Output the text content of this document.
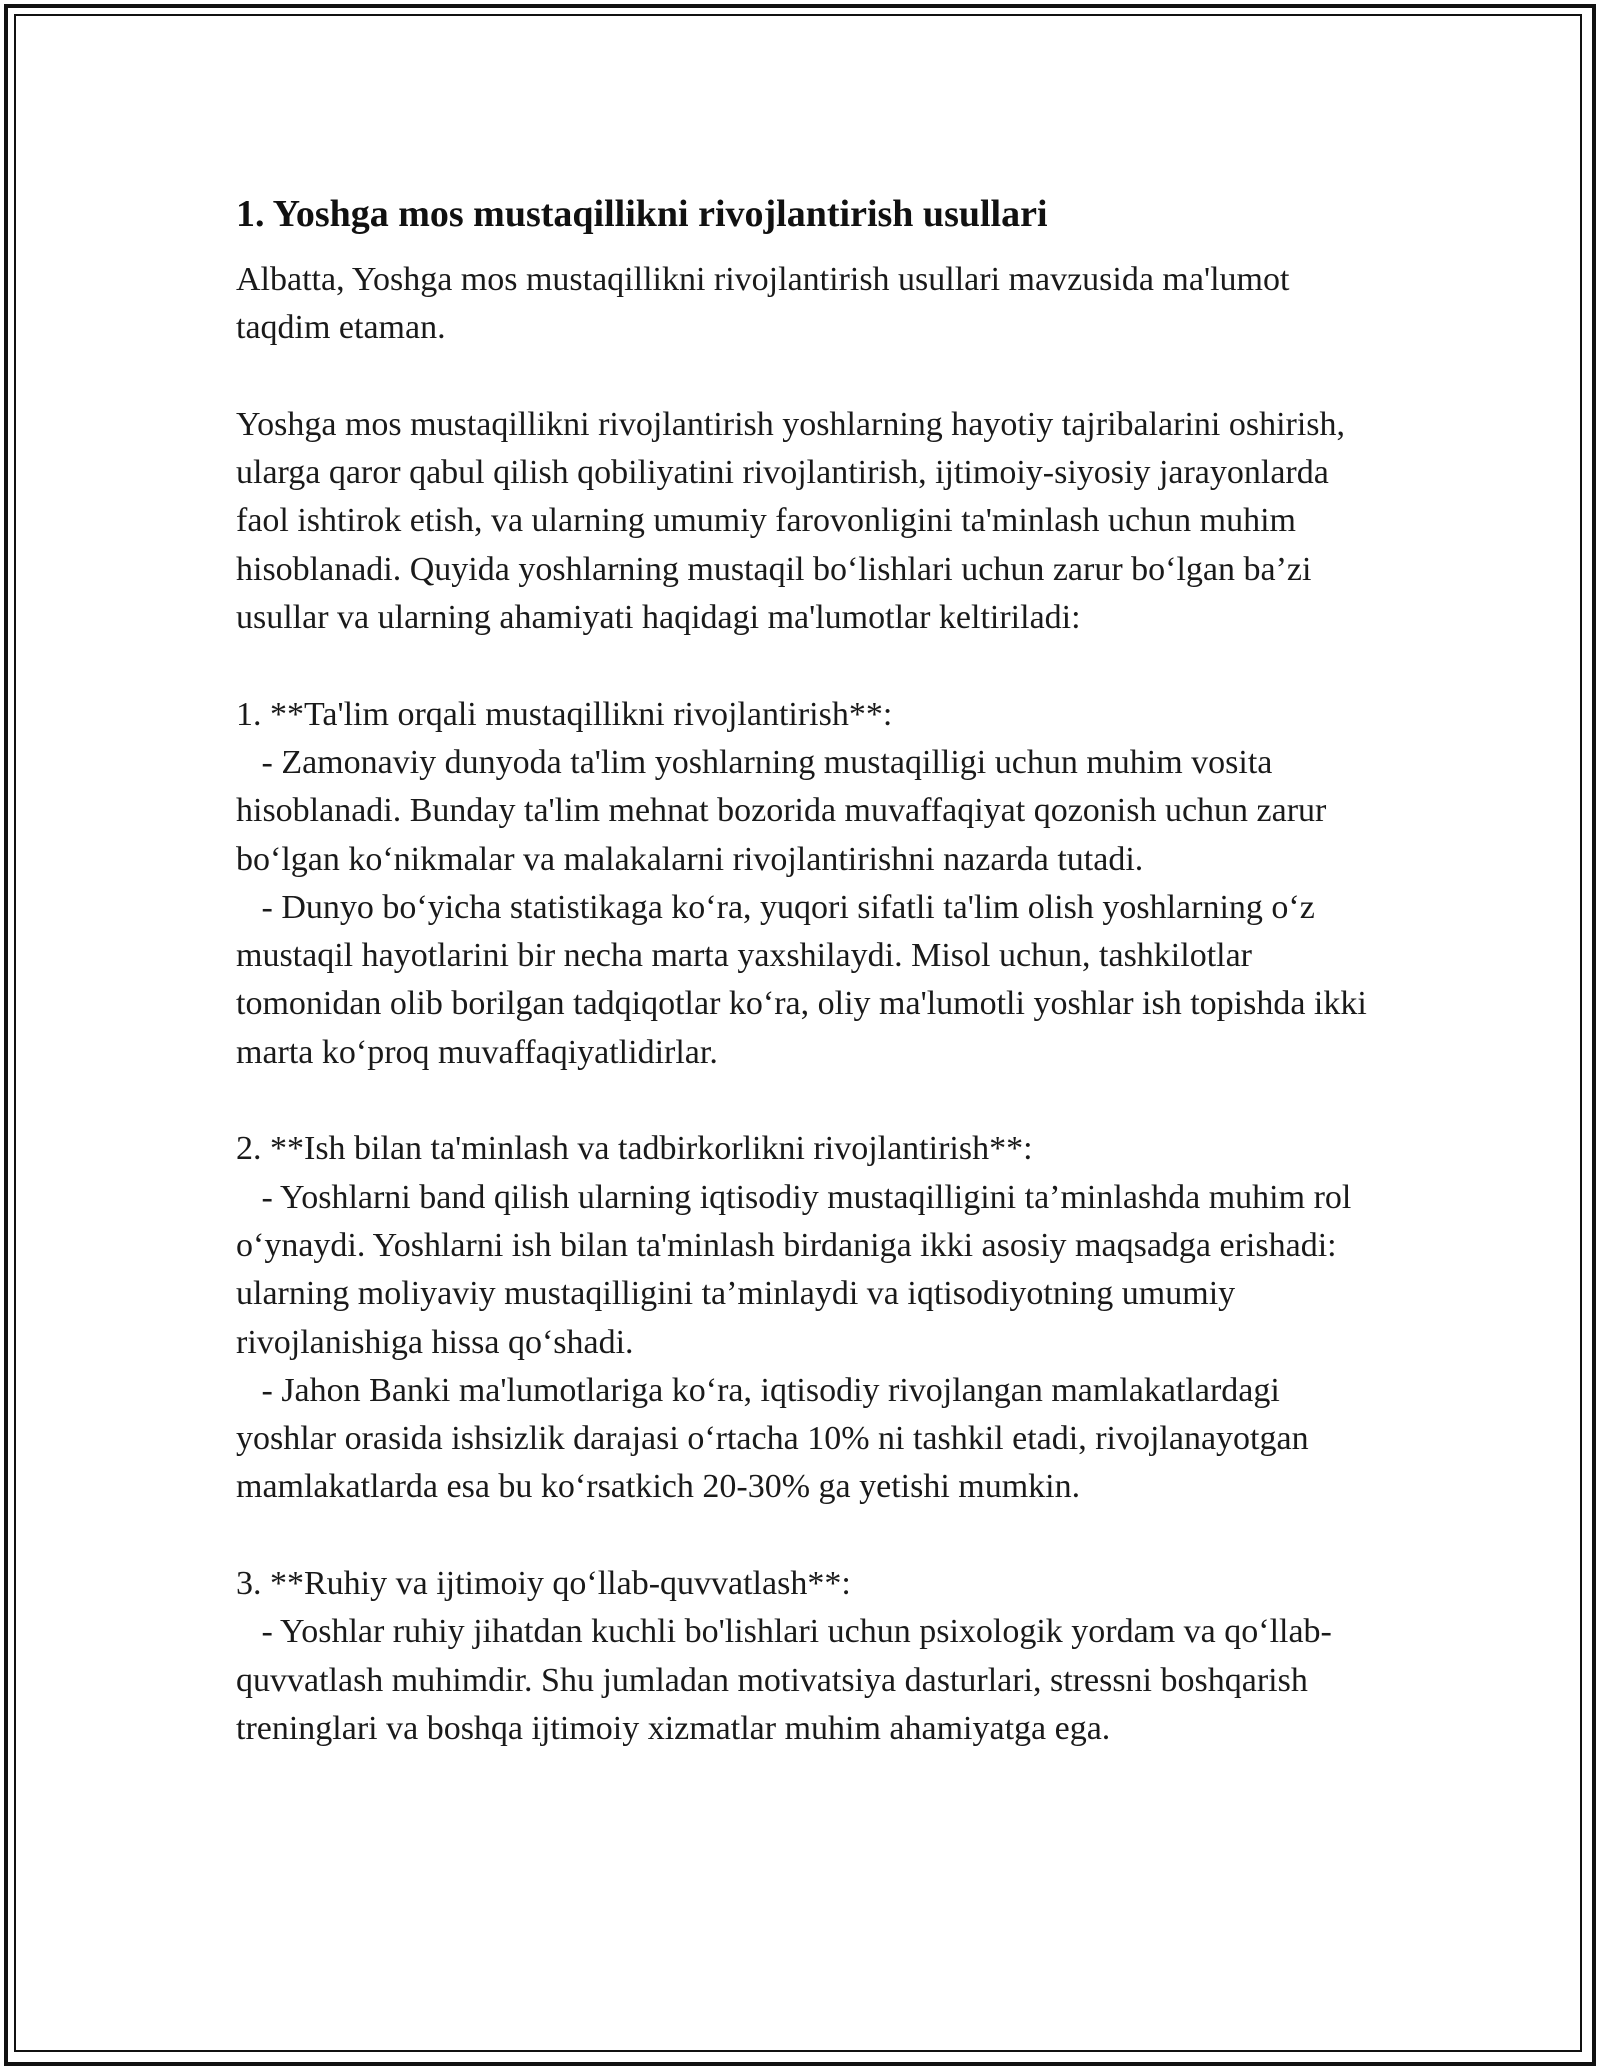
1. Yoshga mos mustaqillikni rivojlantirish usullari

Albatta, Yoshga mos mustaqillikni rivojlantirish usullari mavzusida ma'lumot taqdim etaman.

Yoshga mos mustaqillikni rivojlantirish yoshlarning hayotiy tajribalarini oshirish, ularga qaror qabul qilish qobiliyatini rivojlantirish, ijtimoiy-siyosiy jarayonlarda faol ishtirok etish, va ularning umumiy farovonligini ta'minlash uchun muhim hisoblanadi. Quyida yoshlarning mustaqil bo‘lishlari uchun zarur bo‘lgan ba’zi usullar va ularning ahamiyati haqidagi ma'lumotlar keltiriladi:

1. **Ta'lim orqali mustaqillikni rivojlantirish**:

- Zamonaviy dunyoda ta'lim yoshlarning mustaqilligi uchun muhim vosita hisoblanadi. Bunday ta'lim mehnat bozorida muvaffaqiyat qozonish uchun zarur bo‘lgan ko‘nikmalar va malakalarni rivojlantirishni nazarda tutadi.

- Dunyo bo‘yicha statistikaga ko‘ra, yuqori sifatli ta'lim olish yoshlarning o‘z mustaqil hayotlarini bir necha marta yaxshilaydi. Misol uchun, tashkilotlar tomonidan olib borilgan tadqiqotlar ko‘ra, oliy ma'lumotli yoshlar ish topishda ikki marta ko‘proq muvaffaqiyatlidirlar.

2. **Ish bilan ta'minlash va tadbirkorlikni rivojlantirish**:

- Yoshlarni band qilish ularning iqtisodiy mustaqilligini ta’minlashda muhim rol o‘ynaydi. Yoshlarni ish bilan ta'minlash birdaniga ikki asosiy maqsadga erishadi: ularning moliyaviy mustaqilligini ta’minlaydi va iqtisodiyotning umumiy rivojlanishiga hissa qo‘shadi.

- Jahon Banki ma'lumotlariga ko‘ra, iqtisodiy rivojlangan mamlakatlardagi yoshlar orasida ishsizlik darajasi o‘rtacha 10% ni tashkil etadi, rivojlanayotgan mamlakatlarda esa bu ko‘rsatkich 20-30% ga yetishi mumkin.

3. **Ruhiy va ijtimoiy qo‘llab-quvvatlash**:

- Yoshlar ruhiy jihatdan kuchli bo'lishlari uchun psixologik yordam va qo‘llab-quvvatlash muhimdir. Shu jumladan motivatsiya dasturlari, stressni boshqarish treninglari va boshqa ijtimoiy xizmatlar muhim ahamiyatga ega.
